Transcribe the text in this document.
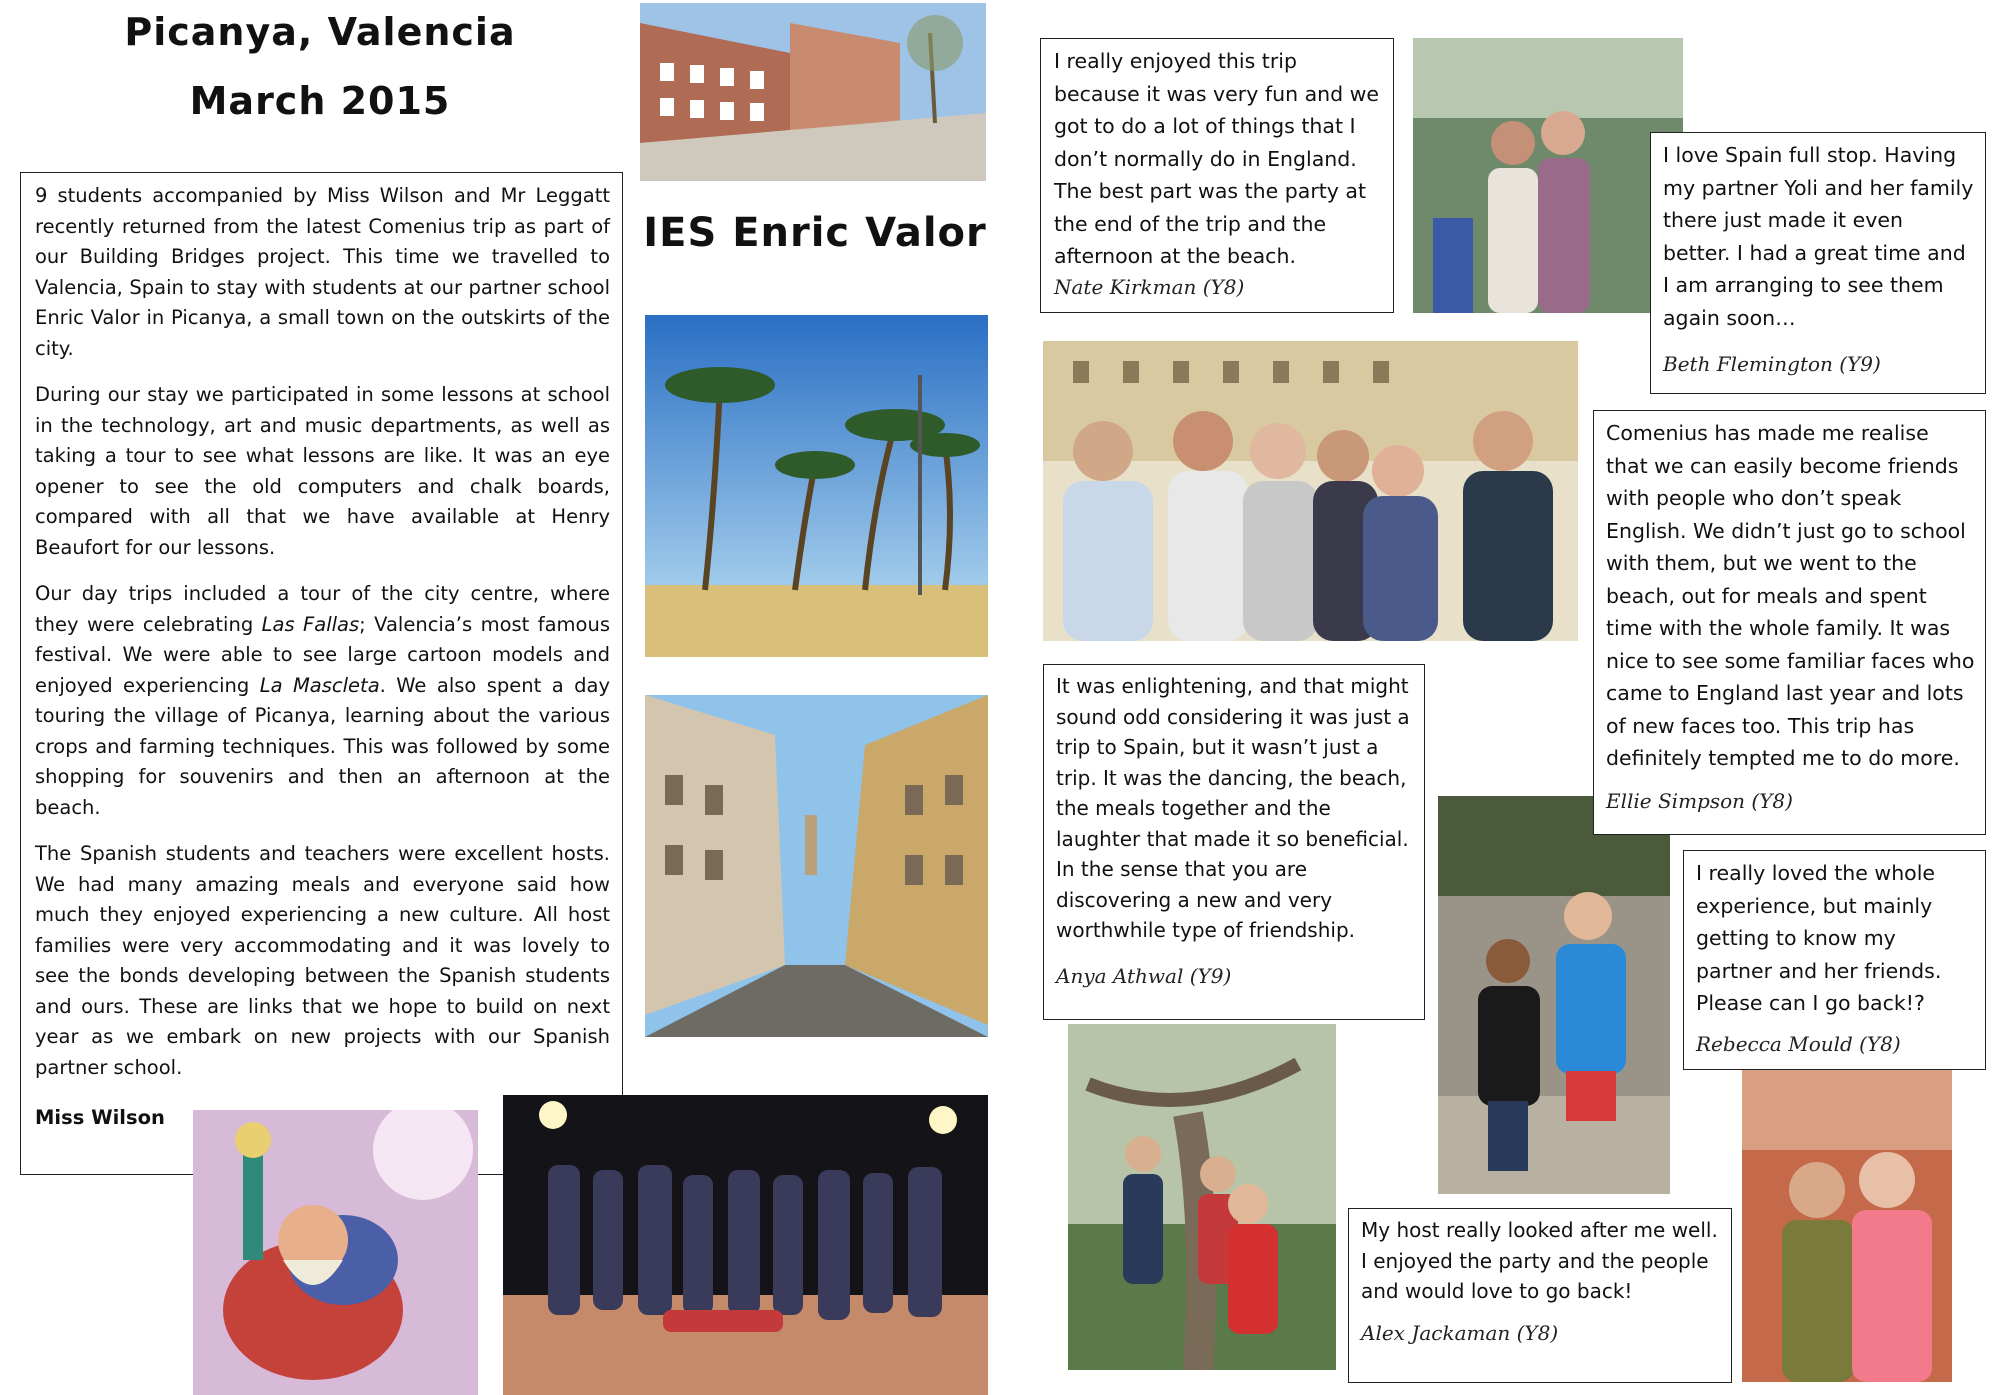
Picanya, Valencia
March 2015
IES Enric Valor

9 students accompanied by Miss Wilson and Mr Leggatt recently returned from the latest Comenius trip as part of our Building Bridges project. This time we travelled to Valencia, Spain to stay with students at our partner school Enric Valor in Picanya, a small town on the outskirts of the city.

During our stay we participated in some lessons at school in the technology, art and music departments, as well as taking a tour to see what lessons are like. It was an eye opener to see the old computers and chalk boards, compared with all that we have available at Henry Beaufort for our lessons.

Our day trips included a tour of the city centre, where they were celebrating Las Fallas; Valencia’s most famous festival. We were able to see large cartoon models and enjoyed experiencing La Mascleta. We also spent a day touring the village of Picanya, learning about the various crops and farming techniques. This was followed by some shopping for souvenirs and then an afternoon at the beach.

The Spanish students and teachers were excellent hosts. We had many amazing meals and everyone said how much they enjoyed experiencing a new culture. All host families were very accommodating and it was lovely to see the bonds developing between the Spanish students and ours. These are links that we hope to build on next year as we embark on new projects with our Spanish partner school.

Miss Wilson

I really enjoyed this trip because it was very fun and we got to do a lot of things that I don’t normally do in England. The best part was the party at the end of the trip and the afternoon at the beach.

Nate Kirkman (Y8)

I love Spain full stop. Having my partner Yoli and her family there just made it even better. I had a great time and I am arranging to see them again soon…

Beth Flemington (Y9)

Comenius has made me realise that we can easily become friends with people who don’t speak English. We didn’t just go to school with them, but we went to the beach, out for meals and spent time with the whole family. It was nice to see some familiar faces who came to England last year and lots of new faces too. This trip has definitely tempted me to do more.

Ellie Simpson (Y8)

It was enlightening, and that might sound odd considering it was just a trip to Spain, but it wasn’t just a trip. It was the dancing, the beach, the meals together and the laughter that made it so beneficial. In the sense that you are discovering a new and very worthwhile type of friendship.

Anya Athwal (Y9)

I really loved the whole experience, but mainly getting to know my partner and her friends. Please can I go back!?

Rebecca Mould (Y8)

My host really looked after me well. I enjoyed the party and the people and would love to go back!

Alex Jackaman (Y8)
